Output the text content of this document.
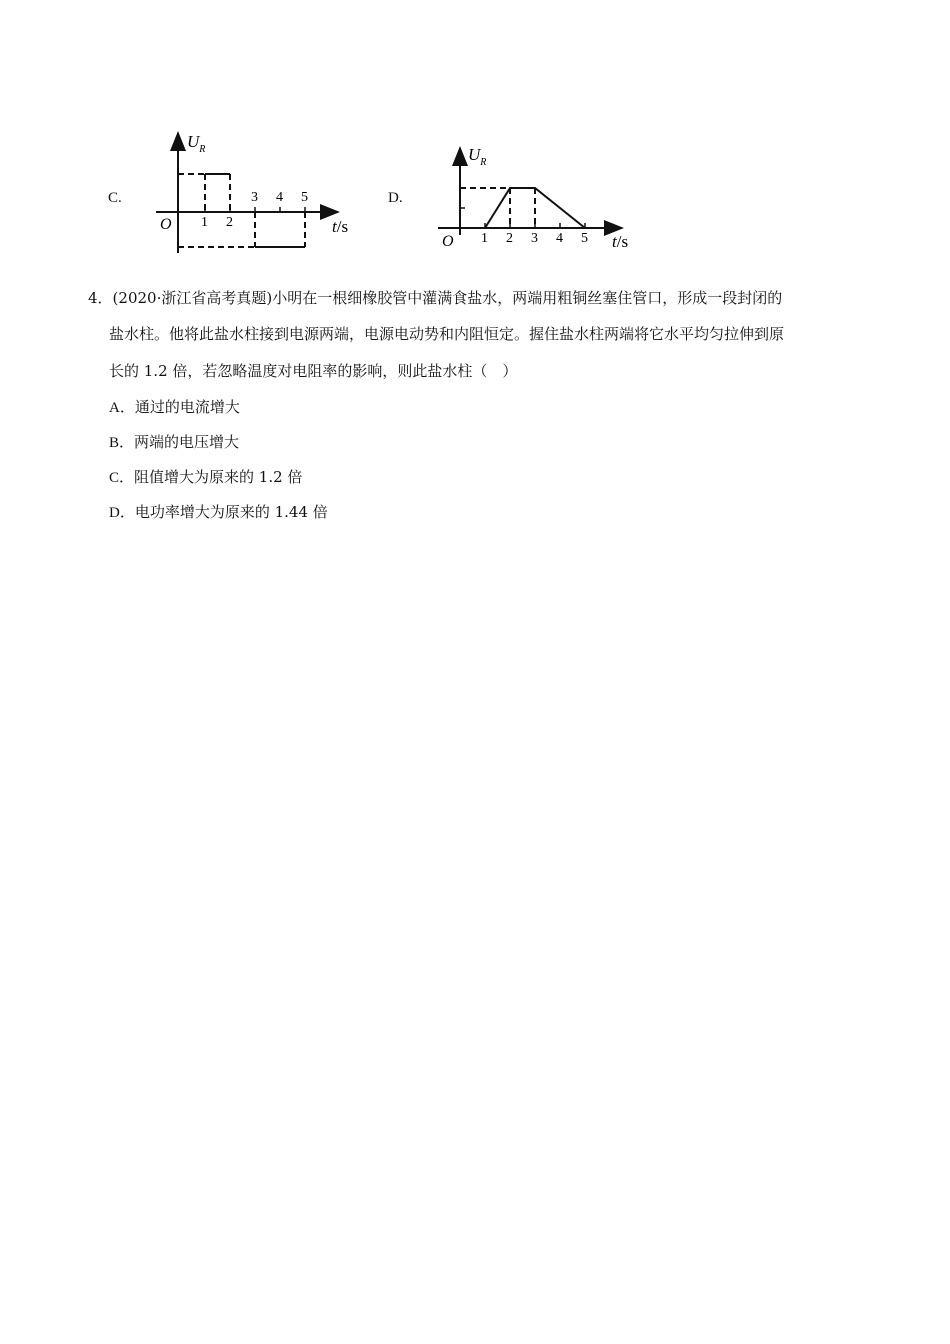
C.
$U_R$
O 1 2
3 4 5
t/s
D.
$U_R$
O 1 2 3 4 5 t/s
4．(2020·浙江省高考真题)小明在一根细橡胶管中灌满食盐水，两端用粗铜丝塞住管口，形成一段封闭的
盐水柱。他将此盐水柱接到电源两端，电源电动势和内阻恒定。握住盐水柱两端将它水平均匀拉伸到原
长的 1.2 倍，若忽略温度对电阻率的影响，则此盐水柱（　）
A．通过的电流增大
B．两端的电压增大
C．阻值增大为原来的 1.2 倍
D．电功率增大为原来的 1.44 倍
